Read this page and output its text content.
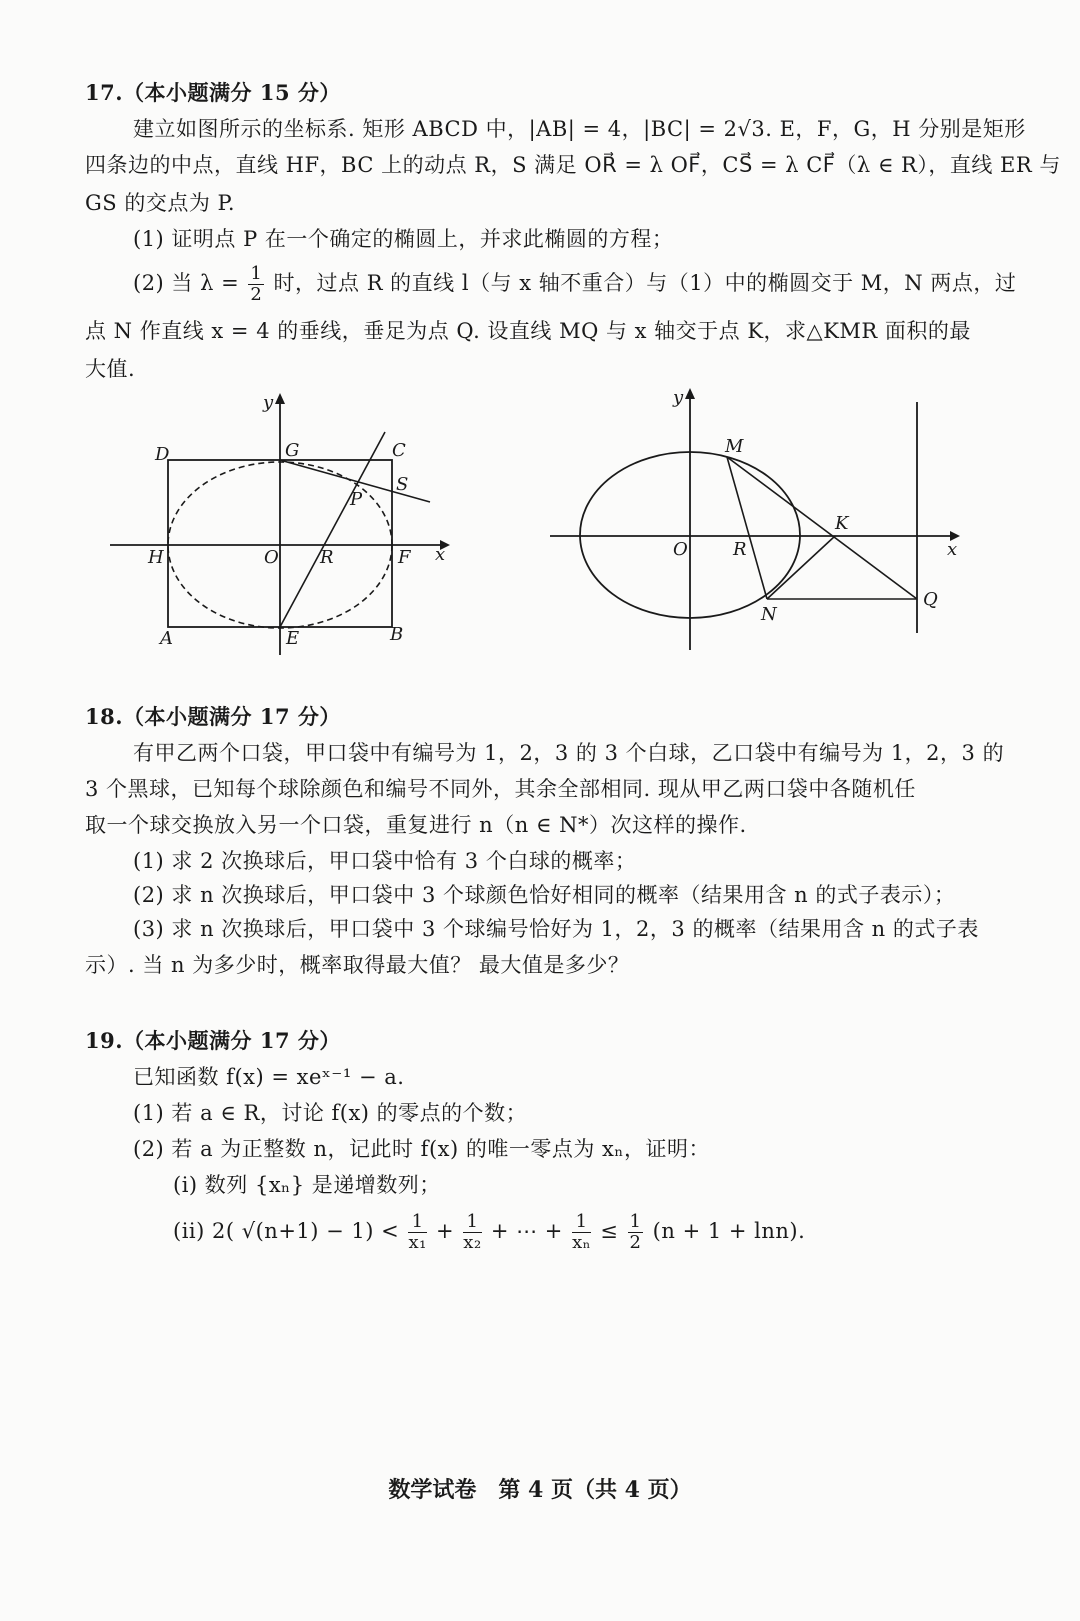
17.（本小题满分 15 分）
建立如图所示的坐标系. 矩形 ABCD 中，|AB| = 4，|BC| = 2√3. E，F，G，H 分别是矩形
四条边的中点，直线 HF，BC 上的动点 R，S 满足 OR⃗ = λ OF⃗，CS⃗ = λ CF⃗（λ ∈ R），直线 ER 与
GS 的交点为 P.
(1) 证明点 P 在一个确定的椭圆上，并求此椭圆的方程；
(2) 当 $\lambda = \frac{1}{2}$ 时，过点 R 的直线 l（与 x 轴不重合）与（1）中的椭圆交于 M，N 两点，过
点 N 作直线 x = 4 的垂线，垂足为点 Q. 设直线 MQ 与 x 轴交于点 K，求△KMR 面积的最
大值.
y
x
D	G	C
S
P
H	O R	F
A	E	B
y
x
M
K
O	R
N
Q
18.（本小题满分 17 分）
有甲乙两个口袋，甲口袋中有编号为 1，2，3 的 3 个白球，乙口袋中有编号为 1，2，3 的
3 个黑球，已知每个球除颜色和编号不同外，其余全部相同. 现从甲乙两口袋中各随机任
取一个球交换放入另一个口袋，重复进行 n（n ∈ N*）次这样的操作.
(1) 求 2 次换球后，甲口袋中恰有 3 个白球的概率；
(2) 求 n 次换球后，甲口袋中 3 个球颜色恰好相同的概率（结果用含 n 的式子表示）；
(3) 求 n 次换球后，甲口袋中 3 个球编号恰好为 1，2，3 的概率（结果用含 n 的式子表
示）. 当 n 为多少时，概率取得最大值？ 最大值是多少？
19.（本小题满分 17 分）
已知函数 f(x) = xeˣ⁻¹ − a.
(1) 若 a ∈ R，讨论 f(x) 的零点的个数；
(2) 若 a 为正整数 n，记此时 f(x) 的唯一零点为 xₙ，证明：
(i) 数列 {xₙ} 是递增数列；
(ii) 2( $√(n+1) - 1) < \frac{1}{\text{x₁}} + \frac{1}{\text{x₂}}$ + ⋯ + $\frac{1}{\text{xₙ}} \le \frac{1}{2} (n + 1 + \ln n)$.
数学试卷　第 4 页（共 4 页）
